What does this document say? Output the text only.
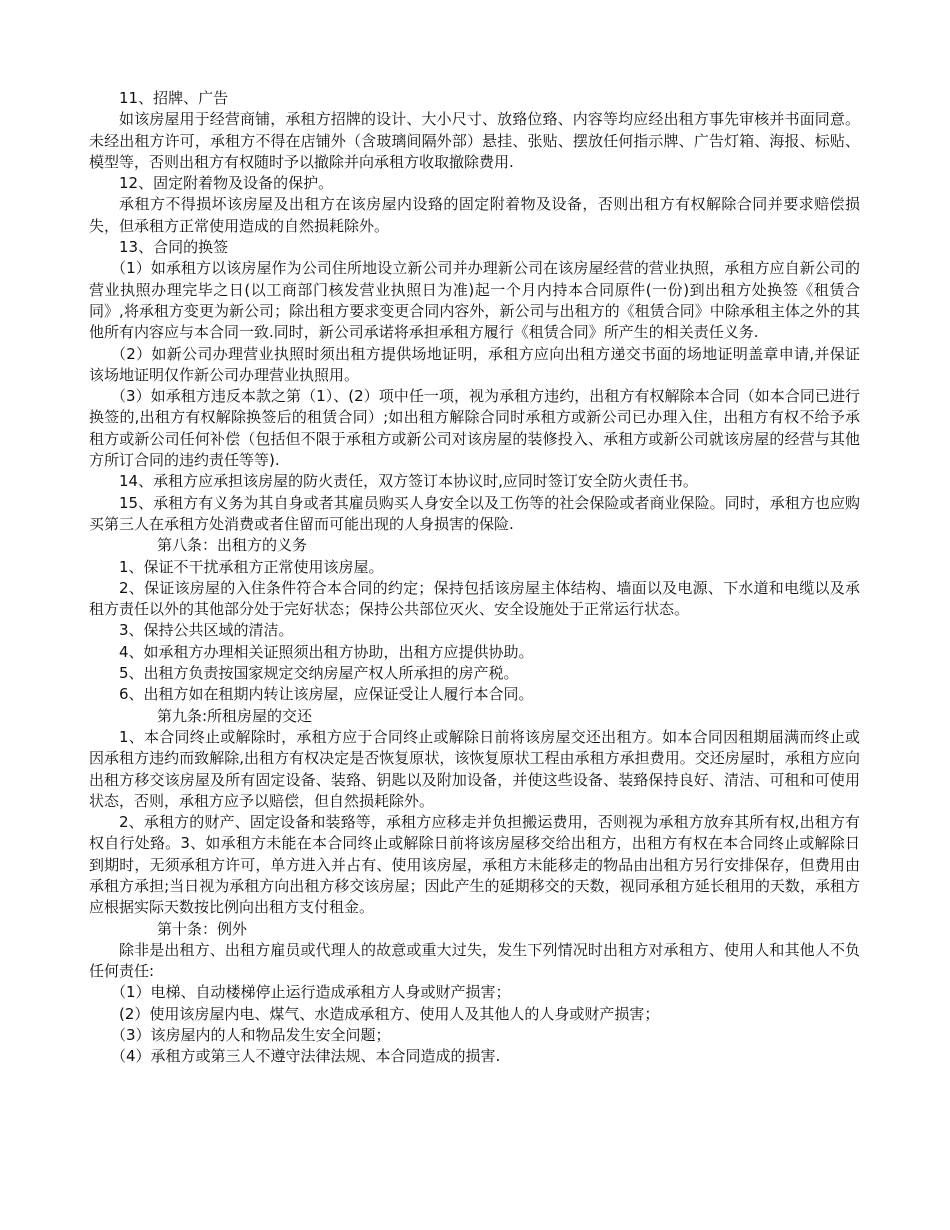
11、招牌、广告

如该房屋用于经营商铺，承租方招牌的设计、大小尺寸、放臵位臵、内容等均应经出租方事先审核并书面同意。未经出租方许可，承租方不得在店铺外（含玻璃间隔外部）悬挂、张贴、摆放任何指示牌、广告灯箱、海报、标贴、模型等，否则出租方有权随时予以撤除并向承租方收取撤除费用.

12、固定附着物及设备的保护。

承租方不得损坏该房屋及出租方在该房屋内设臵的固定附着物及设备，否则出租方有权解除合同并要求赔偿损失，但承租方正常使用造成的自然损耗除外。

13、合同的换签

（1）如承租方以该房屋作为公司住所地设立新公司并办理新公司在该房屋经营的营业执照，承租方应自新公司的营业执照办理完毕之日(以工商部门核发营业执照日为准)起一个月内持本合同原件(一份)到出租方处换签《租赁合同》,将承租方变更为新公司；除出租方要求变更合同内容外，新公司与出租方的《租赁合同》中除承租主体之外的其他所有内容应与本合同一致.同时，新公司承诺将承担承租方履行《租赁合同》所产生的相关责任义务.

（2）如新公司办理营业执照时须出租方提供场地证明，承租方应向出租方递交书面的场地证明盖章申请,并保证该场地证明仅作新公司办理营业执照用。

（3）如承租方违反本款之第（1）、(2）项中任一项，视为承租方违约，出租方有权解除本合同（如本合同已进行换签的,出租方有权解除换签后的租赁合同）;如出租方解除合同时承租方或新公司已办理入住，出租方有权不给予承租方或新公司任何补偿（包括但不限于承租方或新公司对该房屋的装修投入、承租方或新公司就该房屋的经营与其他方所订合同的违约责任等等).

14、承租方应承担该房屋的防火责任，双方签订本协议时,应同时签订安全防火责任书。

15、承租方有义务为其自身或者其雇员购买人身安全以及工伤等的社会保险或者商业保险。同时，承租方也应购买第三人在承租方处消费或者住留而可能出现的人身损害的保险.

第八条：出租方的义务

1、保证不干扰承租方正常使用该房屋。

2、保证该房屋的入住条件符合本合同的约定；保持包括该房屋主体结构、墙面以及电源、下水道和电缆以及承租方责任以外的其他部分处于完好状态；保持公共部位灭火、安全设施处于正常运行状态。

3、保持公共区域的清洁。

4、如承租方办理相关证照须出租方协助，出租方应提供协助。

5、出租方负责按国家规定交纳房屋产权人所承担的房产税。

6、出租方如在租期内转让该房屋，应保证受让人履行本合同。

第九条:所租房屋的交还

1、本合同终止或解除时，承租方应于合同终止或解除日前将该房屋交还出租方。如本合同因租期届满而终止或因承租方违约而致解除,出租方有权决定是否恢复原状，该恢复原状工程由承租方承担费用。交还房屋时，承租方应向出租方移交该房屋及所有固定设备、装臵、钥匙以及附加设备，并使这些设备、装臵保持良好、清洁、可租和可使用状态，否则，承租方应予以赔偿，但自然损耗除外。

2、承租方的财产、固定设备和装臵等，承租方应移走并负担搬运费用，否则视为承租方放弃其所有权,出租方有权自行处臵。3、如承租方未能在本合同终止或解除日前将该房屋移交给出租方，出租方有权在本合同终止或解除日到期时，无须承租方许可，单方进入并占有、使用该房屋，承租方未能移走的物品由出租方另行安排保存，但费用由承租方承担;当日视为承租方向出租方移交该房屋；因此产生的延期移交的天数，视同承租方延长租用的天数，承租方应根据实际天数按比例向出租方支付租金。

第十条：例外

除非是出租方、出租方雇员或代理人的故意或重大过失，发生下列情况时出租方对承租方、使用人和其他人不负任何责任:

（1）电梯、自动楼梯停止运行造成承租方人身或财产损害；

(2）使用该房屋内电、煤气、水造成承租方、使用人及其他人的人身或财产损害；

（3）该房屋内的人和物品发生安全问题；

（4）承租方或第三人不遵守法律法规、本合同造成的损害.
